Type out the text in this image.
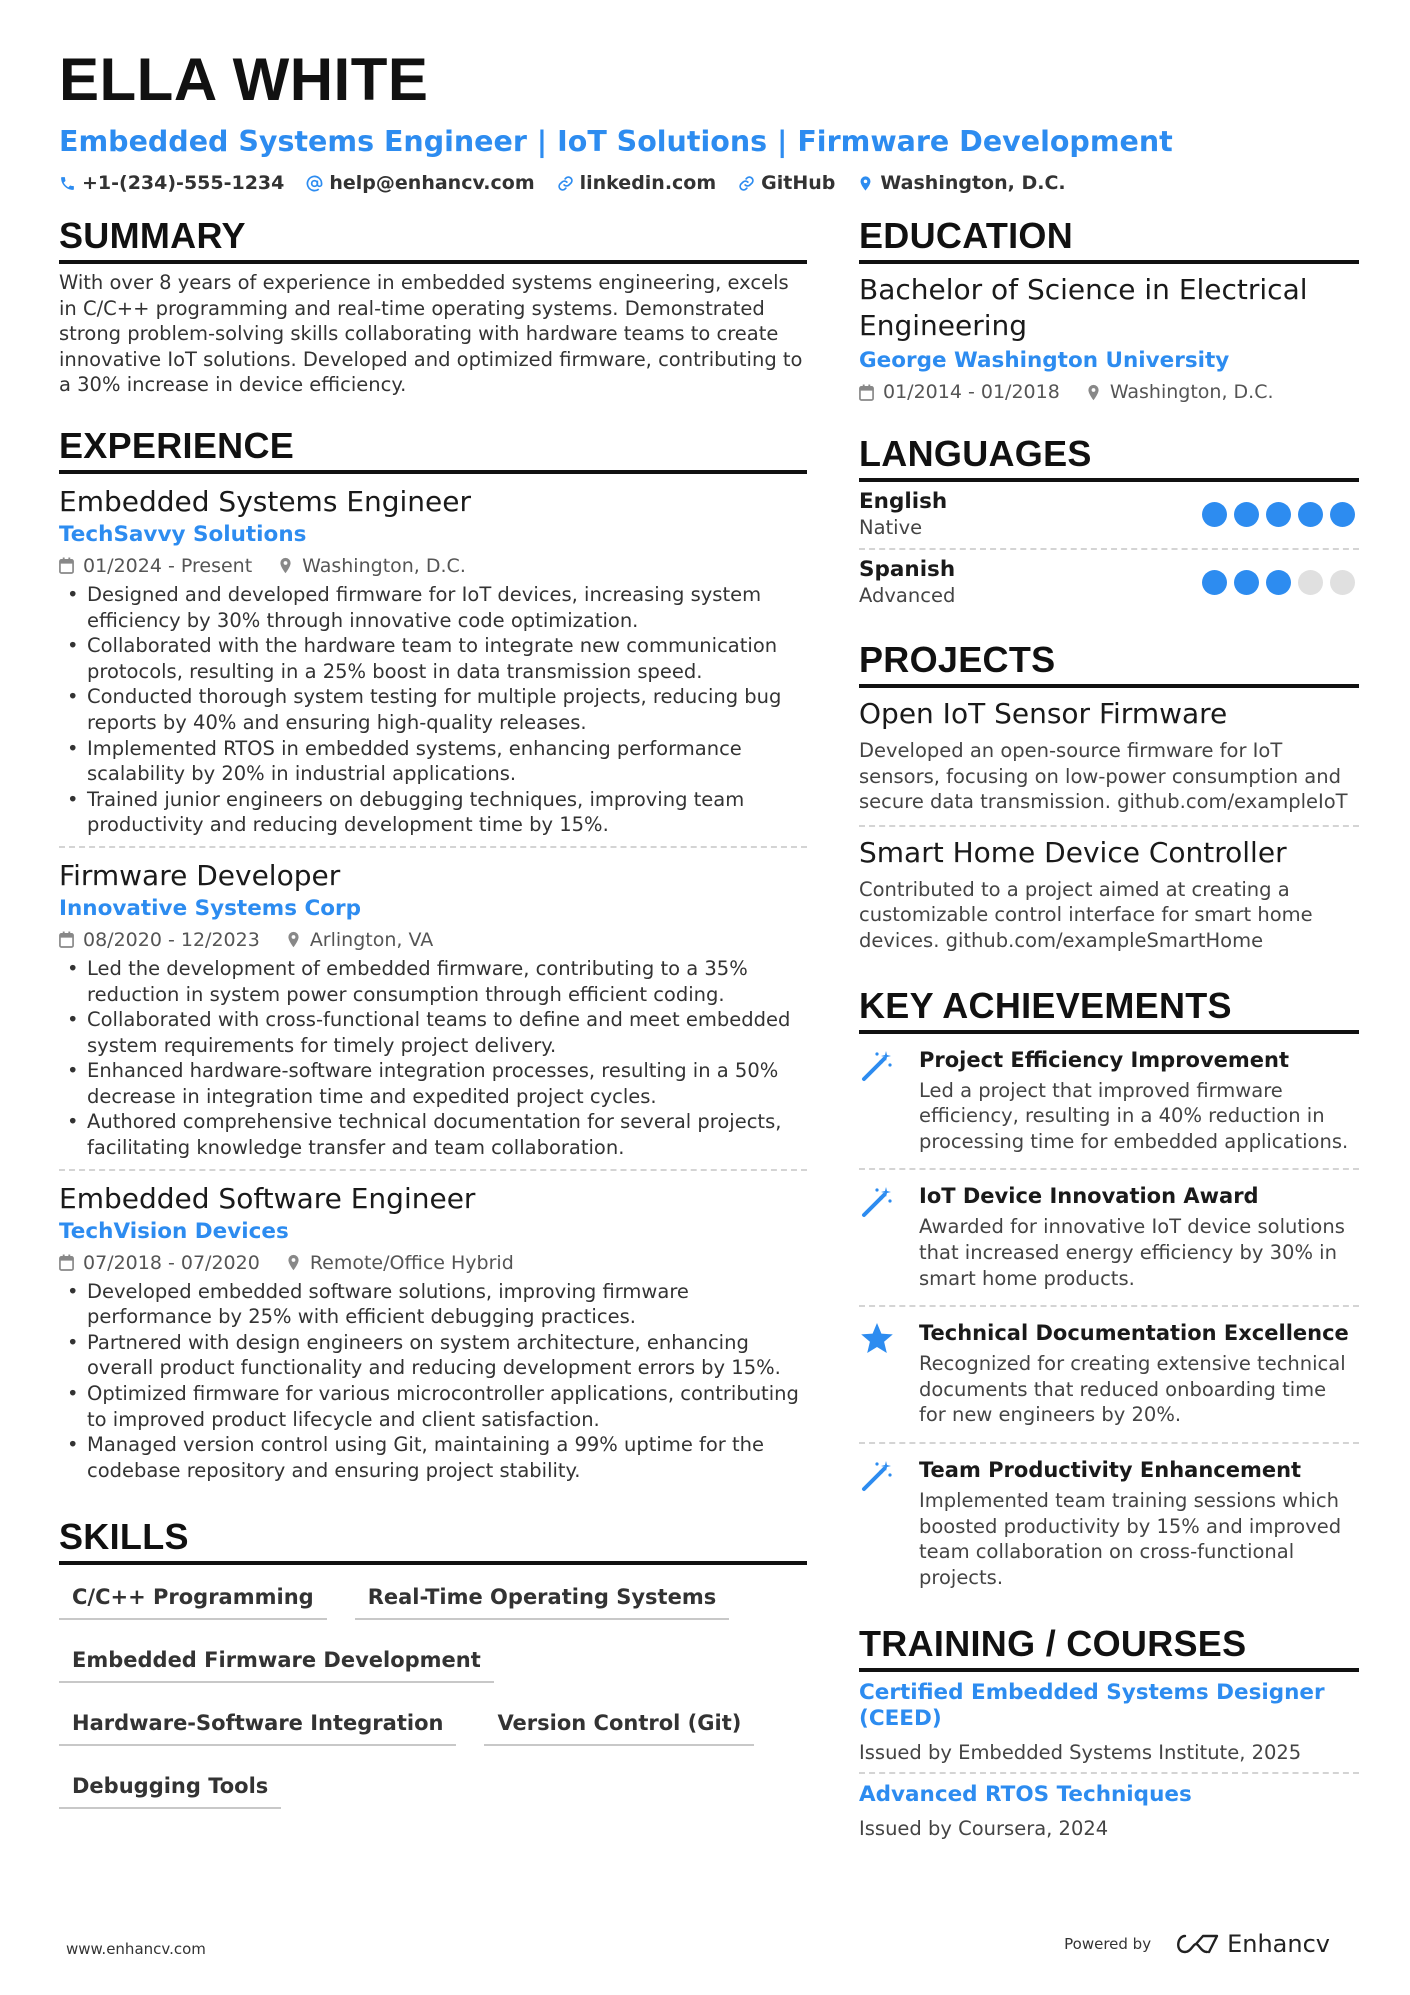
ELLA WHITE
Embedded Systems Engineer | IoT Solutions | Firmware Development
+1-(234)-555-1234 help@enhancv.com linkedin.com GitHub Washington, D.C.
SUMMARY

With over 8 years of experience in embedded systems engineering, excels in C/C++ programming and real-time operating systems. Demonstrated strong problem-solving skills collaborating with hardware teams to create innovative IoT solutions. Developed and optimized firmware, contributing to a 30% increase in device efficiency.

EXPERIENCE
Embedded Systems Engineer
TechSavvy Solutions
01/2024 - Present	Washington, D.C.
• Designed and developed firmware for IoT devices, increasing system efficiency by 30% through innovative code optimization.
• Collaborated with the hardware team to integrate new communication protocols, resulting in a 25% boost in data transmission speed.
• Conducted thorough system testing for multiple projects, reducing bug reports by 40% and ensuring high-quality releases.
• Implemented RTOS in embedded systems, enhancing performance scalability by 20% in industrial applications.
• Trained junior engineers on debugging techniques, improving team productivity and reducing development time by 15%.
Firmware Developer
Innovative Systems Corp
08/2020 - 12/2023	Arlington, VA
• Led the development of embedded firmware, contributing to a 35% reduction in system power consumption through efficient coding.
• Collaborated with cross-functional teams to define and meet embedded system requirements for timely project delivery.
• Enhanced hardware-software integration processes, resulting in a 50% decrease in integration time and expedited project cycles.
• Authored comprehensive technical documentation for several projects, facilitating knowledge transfer and team collaboration.
Embedded Software Engineer
TechVision Devices
07/2018 - 07/2020	Remote/Office Hybrid
• Developed embedded software solutions, improving firmware performance by 25% with efficient debugging practices.
• Partnered with design engineers on system architecture, enhancing overall product functionality and reducing development errors by 15%.
• Optimized firmware for various microcontroller applications, contributing to improved product lifecycle and client satisfaction.
• Managed version control using Git, maintaining a 99% uptime for the codebase repository and ensuring project stability.
SKILLS
C/C++ Programming	Real-Time Operating Systems
Embedded Firmware Development
Hardware-Software Integration	Version Control (Git)
Debugging Tools
EDUCATION
Bachelor of Science in Electrical Engineering
George Washington University
01/2014 - 01/2018	Washington, D.C.
LANGUAGES
English
Native
Spanish
Advanced
PROJECTS
Open IoT Sensor Firmware
Developed an open-source firmware for IoT sensors, focusing on low-power consumption and secure data transmission. github.com/exampleIoT
Smart Home Device Controller
Contributed to a project aimed at creating a customizable control interface for smart home devices. github.com/exampleSmartHome
KEY ACHIEVEMENTS
Project Efficiency Improvement
Led a project that improved firmware efficiency, resulting in a 40% reduction in processing time for embedded applications.
IoT Device Innovation Award
Awarded for innovative IoT device solutions that increased energy efficiency by 30% in smart home products.
Technical Documentation Excellence
Recognized for creating extensive technical documents that reduced onboarding time for new engineers by 20%.
Team Productivity Enhancement
Implemented team training sessions which boosted productivity by 15% and improved team collaboration on cross-functional projects.
TRAINING / COURSES
Certified Embedded Systems Designer (CEED)
Issued by Embedded Systems Institute, 2025
Advanced RTOS Techniques
Issued by Coursera, 2024
www.enhancv.com	Powered by	Enhancv
